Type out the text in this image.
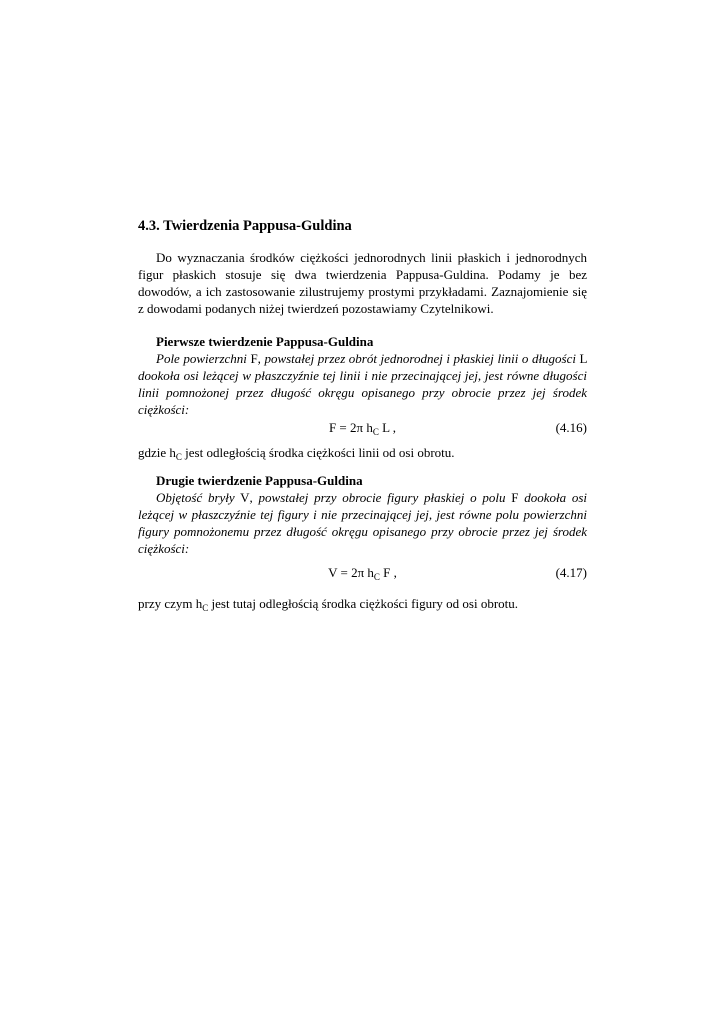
4.3. Twierdzenia Pappusa-Guldina

Do wyznaczania środków ciężkości jednorodnych linii płaskich i jednorodnych figur płaskich stosuje się dwa twierdzenia Pappusa-Guldina. Podamy je bez dowodów, a ich zastosowanie zilustrujemy prostymi przykładami. Zaznajomienie się z dowodami podanych niżej twierdzeń pozostawiamy Czytelnikowi.

Pierwsze twierdzenie Pappusa-Guldina

Pole powierzchni F, powstałej przez obrót jednorodnej i płaskiej linii o długości L dookoła osi leżącej w płaszczyźnie tej linii i nie przecinającej jej, jest równe długości linii pomnożonej przez długość okręgu opisanego przy obrocie przez jej środek ciężkości:

F = 2π $h_C$ L ,	(4.16)

gdzie $h_C$ jest odległością środka ciężkości linii od osi obrotu.

Drugie twierdzenie Pappusa-Guldina

Objętość bryły V, powstałej przy obrocie figury płaskiej o polu F dookoła osi leżącej w płaszczyźnie tej figury i nie przecinającej jej, jest równe polu powierzchni figury pomnożonemu przez długość okręgu opisanego przy obrocie przez jej środek ciężkości:

V = 2π $h_C$ F ,	(4.17)

przy czym $h_C$ jest tutaj odległością środka ciężkości figury od osi obrotu.
